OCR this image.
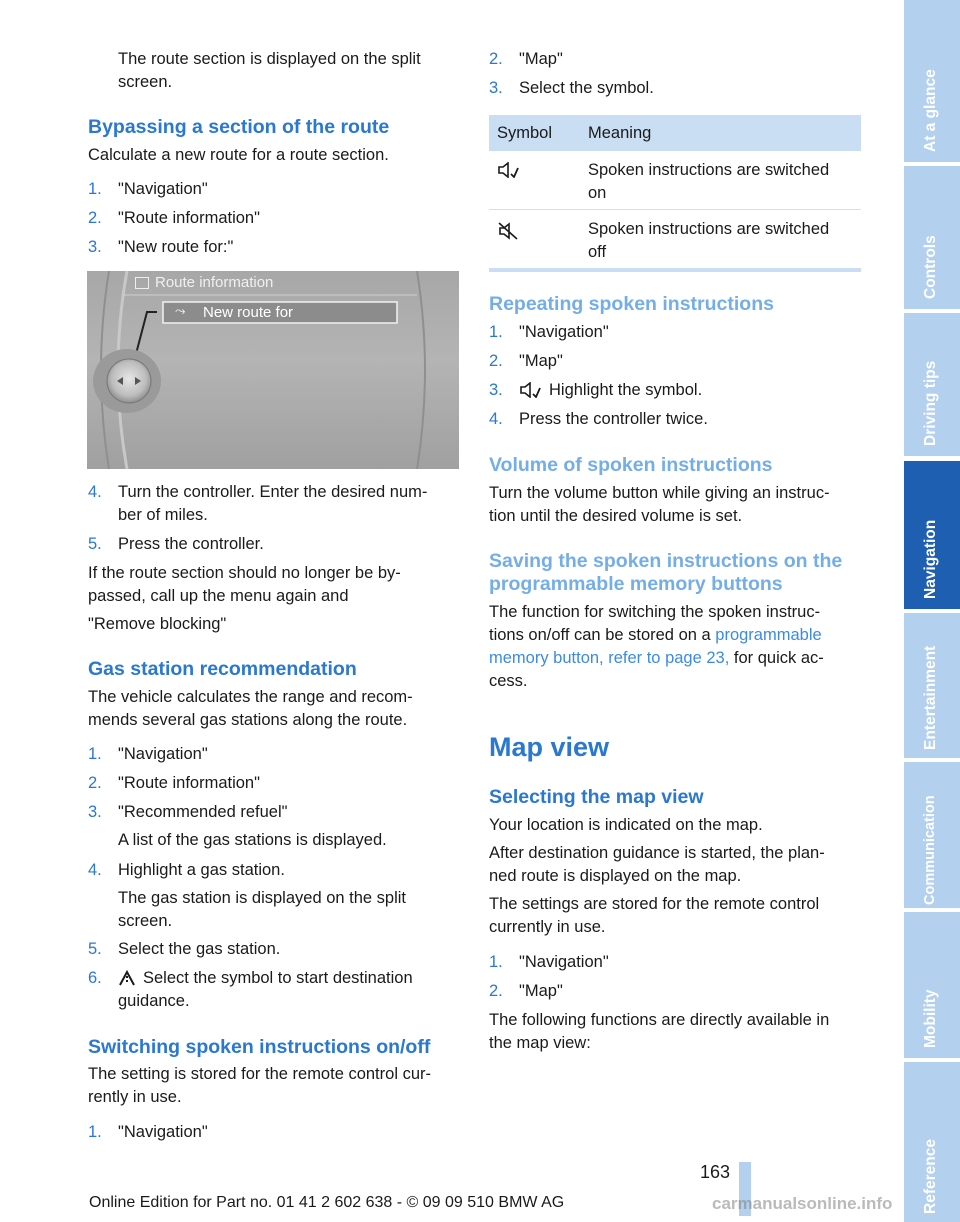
The route section is displayed on the split
screen.
Bypassing a section of the route
Calculate a new route for a route section.
1. "Navigation"
2. "Route information"
3. "New route for:"
Route information
⤳ New route for
4. Turn the controller. Enter the desired num-
ber of miles.
5. Press the controller.
If the route section should no longer be by-
passed, call up the menu again and
"Remove blocking"
Gas station recommendation
The vehicle calculates the range and recom-
mends several gas stations along the route.
1. "Navigation"
2. "Route information"
3. "Recommended refuel"
A list of the gas stations is displayed.
4. Highlight a gas station.
The gas station is displayed on the split
screen.
5. Select the gas station.
6. Select the symbol to start destination
guidance.
Switching spoken instructions on/off
The setting is stored for the remote control cur-
rently in use.
1. "Navigation"
2. "Map"
3. Select the symbol.
Symbol Meaning
Spoken instructions are switched
on
Spoken instructions are switched
off
Repeating spoken instructions
1. "Navigation"
2. "Map"
3.	Highlight the symbol.
4. Press the controller twice.
Volume of spoken instructions
Turn the volume button while giving an instruc-
tion until the desired volume is set.
Saving the spoken instructions on the
programmable memory buttons
The function for switching the spoken instruc-
tions on/off can be stored on a programmable
memory button, refer to page 23, for quick ac-
cess.
Map view
Selecting the map view
Your location is indicated on the map.
After destination guidance is started, the plan-
ned route is displayed on the map.
The settings are stored for the remote control
currently in use.
1. "Navigation"
2. "Map"
The following functions are directly available in
the map view:
At a glance
Controls
Driving tips
Navigation
Entertainment
Communication
Mobility
Reference
163
Online Edition for Part no. 01 41 2 602 638 - © 09 09 510 BMW AG	carmanualsonline.info
